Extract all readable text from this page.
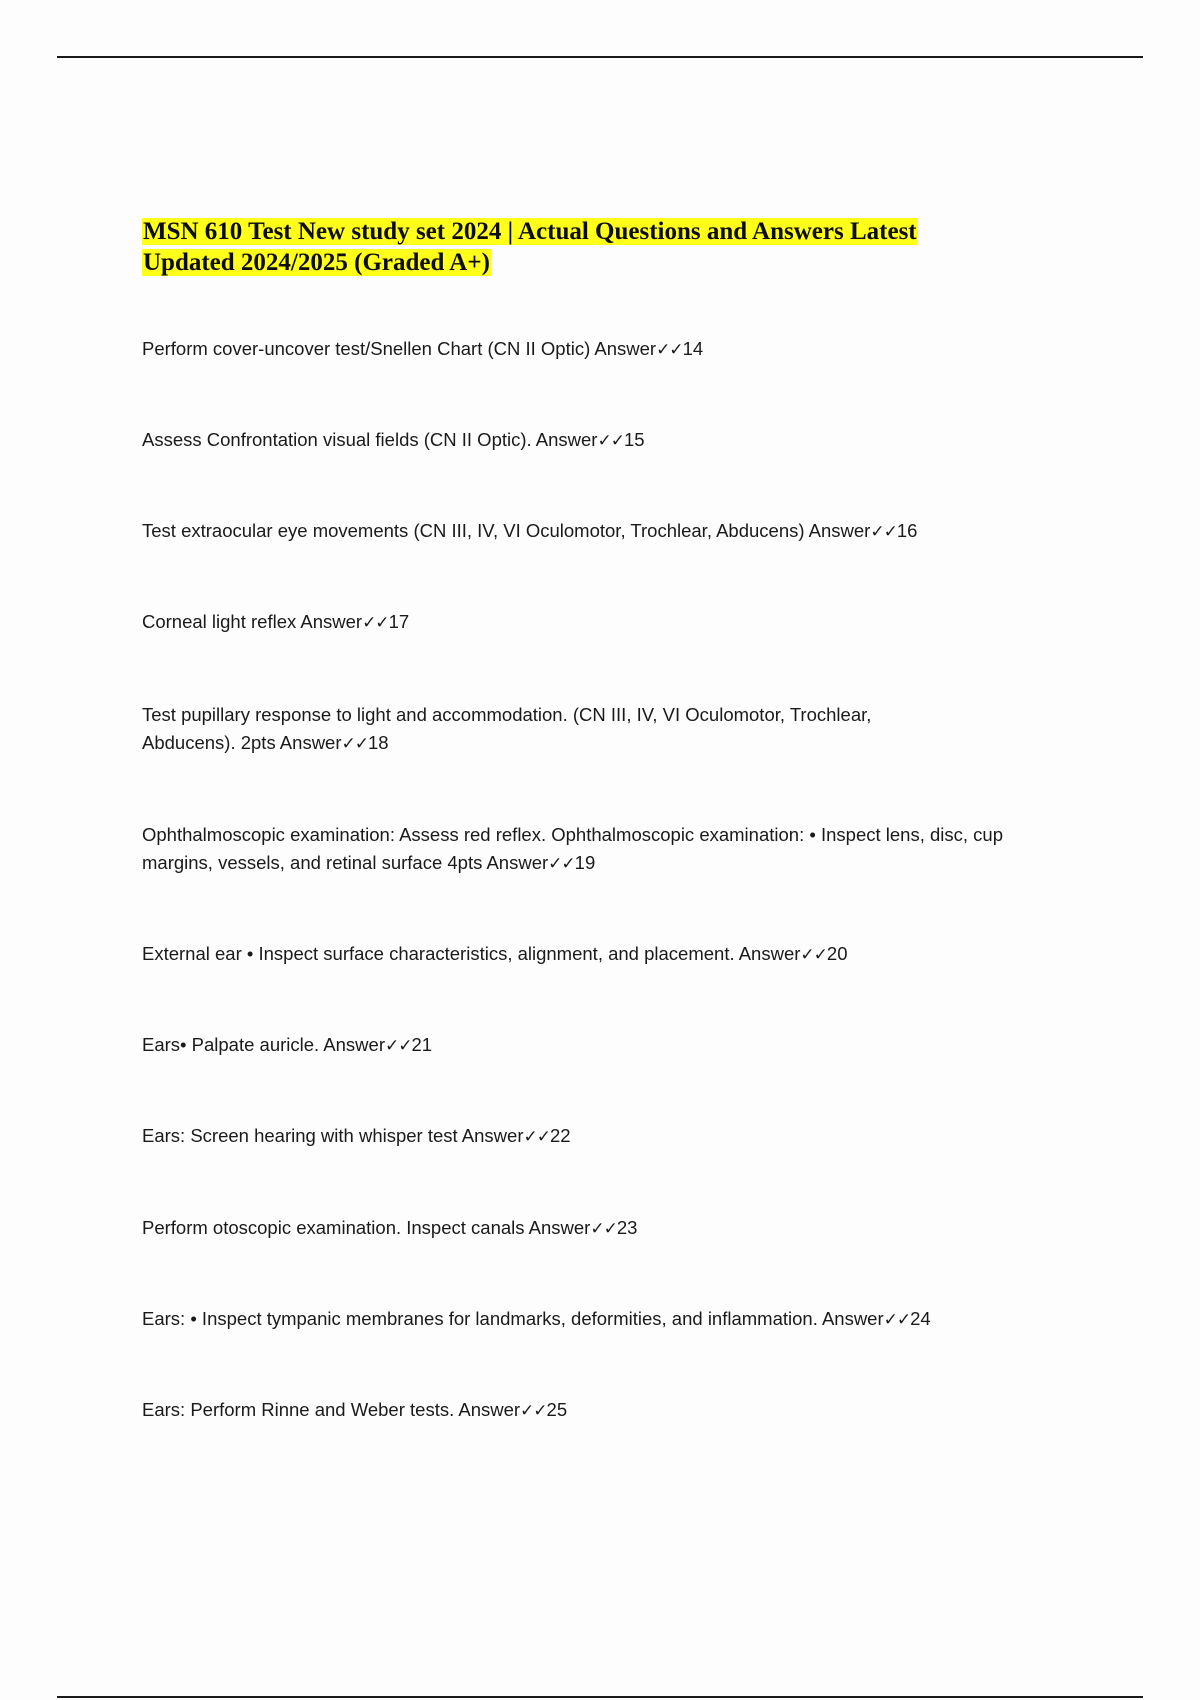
MSN 610 Test New study set 2024 | Actual Questions and Answers Latest
Updated 2024/2025 (Graded A+)

Perform cover-uncover test/Snellen Chart (CN II Optic) Answer✓✓14

Assess Confrontation visual fields (CN II Optic). Answer✓✓15

Test extraocular eye movements (CN III, IV, VI Oculomotor, Trochlear, Abducens) Answer✓✓16

Corneal light reflex Answer✓✓17

Test pupillary response to light and accommodation. (CN III, IV, VI Oculomotor, Trochlear, Abducens). 2pts Answer✓✓18

Ophthalmoscopic examination: Assess red reflex. Ophthalmoscopic examination: • Inspect lens, disc, cup margins, vessels, and retinal surface 4pts Answer✓✓19

External ear • Inspect surface characteristics, alignment, and placement. Answer✓✓20

Ears• Palpate auricle. Answer✓✓21

Ears: Screen hearing with whisper test Answer✓✓22

Perform otoscopic examination. Inspect canals Answer✓✓23

Ears: • Inspect tympanic membranes for landmarks, deformities, and inflammation. Answer✓✓24

Ears: Perform Rinne and Weber tests. Answer✓✓25
